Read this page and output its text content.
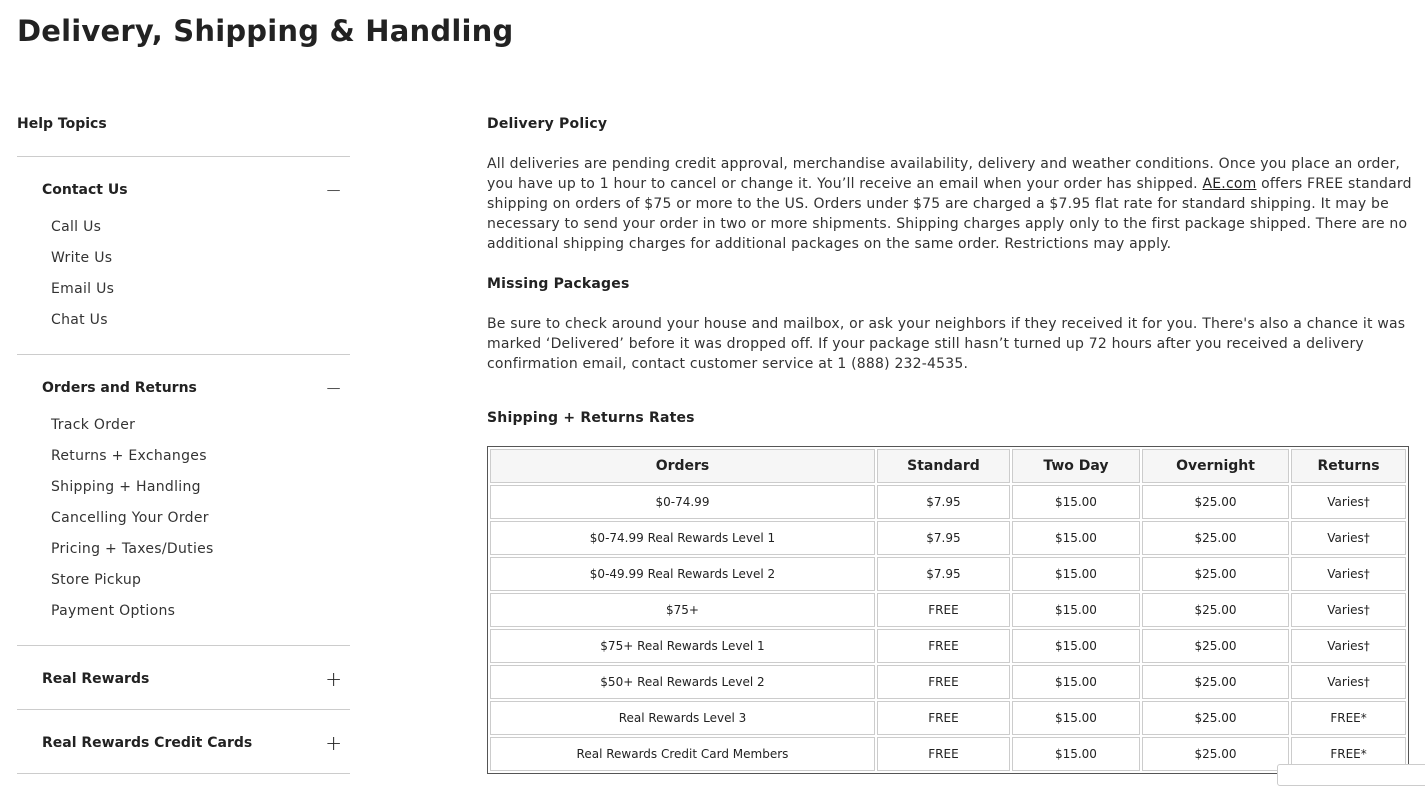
Delivery, Shipping & Handling
Help Topics
Contact Us	−
Call Us
Write Us
Email Us
Chat Us
Orders and Returns	−
Track Order
Returns + Exchanges
Shipping + Handling
Cancelling Your Order
Pricing + Taxes/Duties
Store Pickup
Payment Options
Real Rewards	+
Real Rewards Credit Cards	+
Delivery Policy

All deliveries are pending credit approval, merchandise availability, delivery and weather conditions. Once you place an order, you have up to 1 hour to cancel or change it. You’ll receive an email when your order has shipped. AE.com offers FREE standard shipping on orders of $75 or more to the US. Orders under $75 are charged a $7.95 flat rate for standard shipping. It may be necessary to send your order in two or more shipments. Shipping charges apply only to the first package shipped. There are no additional shipping charges for additional packages on the same order. Restrictions may apply.

Missing Packages

Be sure to check around your house and mailbox, or ask your neighbors if they received it for you. There's also a chance it was marked ‘Delivered’ before it was dropped off. If your package still hasn’t turned up 72 hours after you received a delivery confirmation email, contact customer service at 1 (888) 232-4535.

Shipping + Returns Rates
Orders	Standard	Two Day	Overnight	Returns
$0-74.99	$7.95	$15.00	$25.00	Varies†
$0-74.99 Real Rewards Level 1	$7.95	$15.00	$25.00	Varies†
$0-49.99 Real Rewards Level 2	$7.95	$15.00	$25.00	Varies†
$75+	FREE	$15.00	$25.00	Varies†
$75+ Real Rewards Level 1	FREE	$15.00	$25.00	Varies†
$50+ Real Rewards Level 2	FREE	$15.00	$25.00	Varies†
Real Rewards Level 3	FREE	$15.00	$25.00	FREE*
Real Rewards Credit Card Members	FREE	$15.00	$25.00	FREE*
